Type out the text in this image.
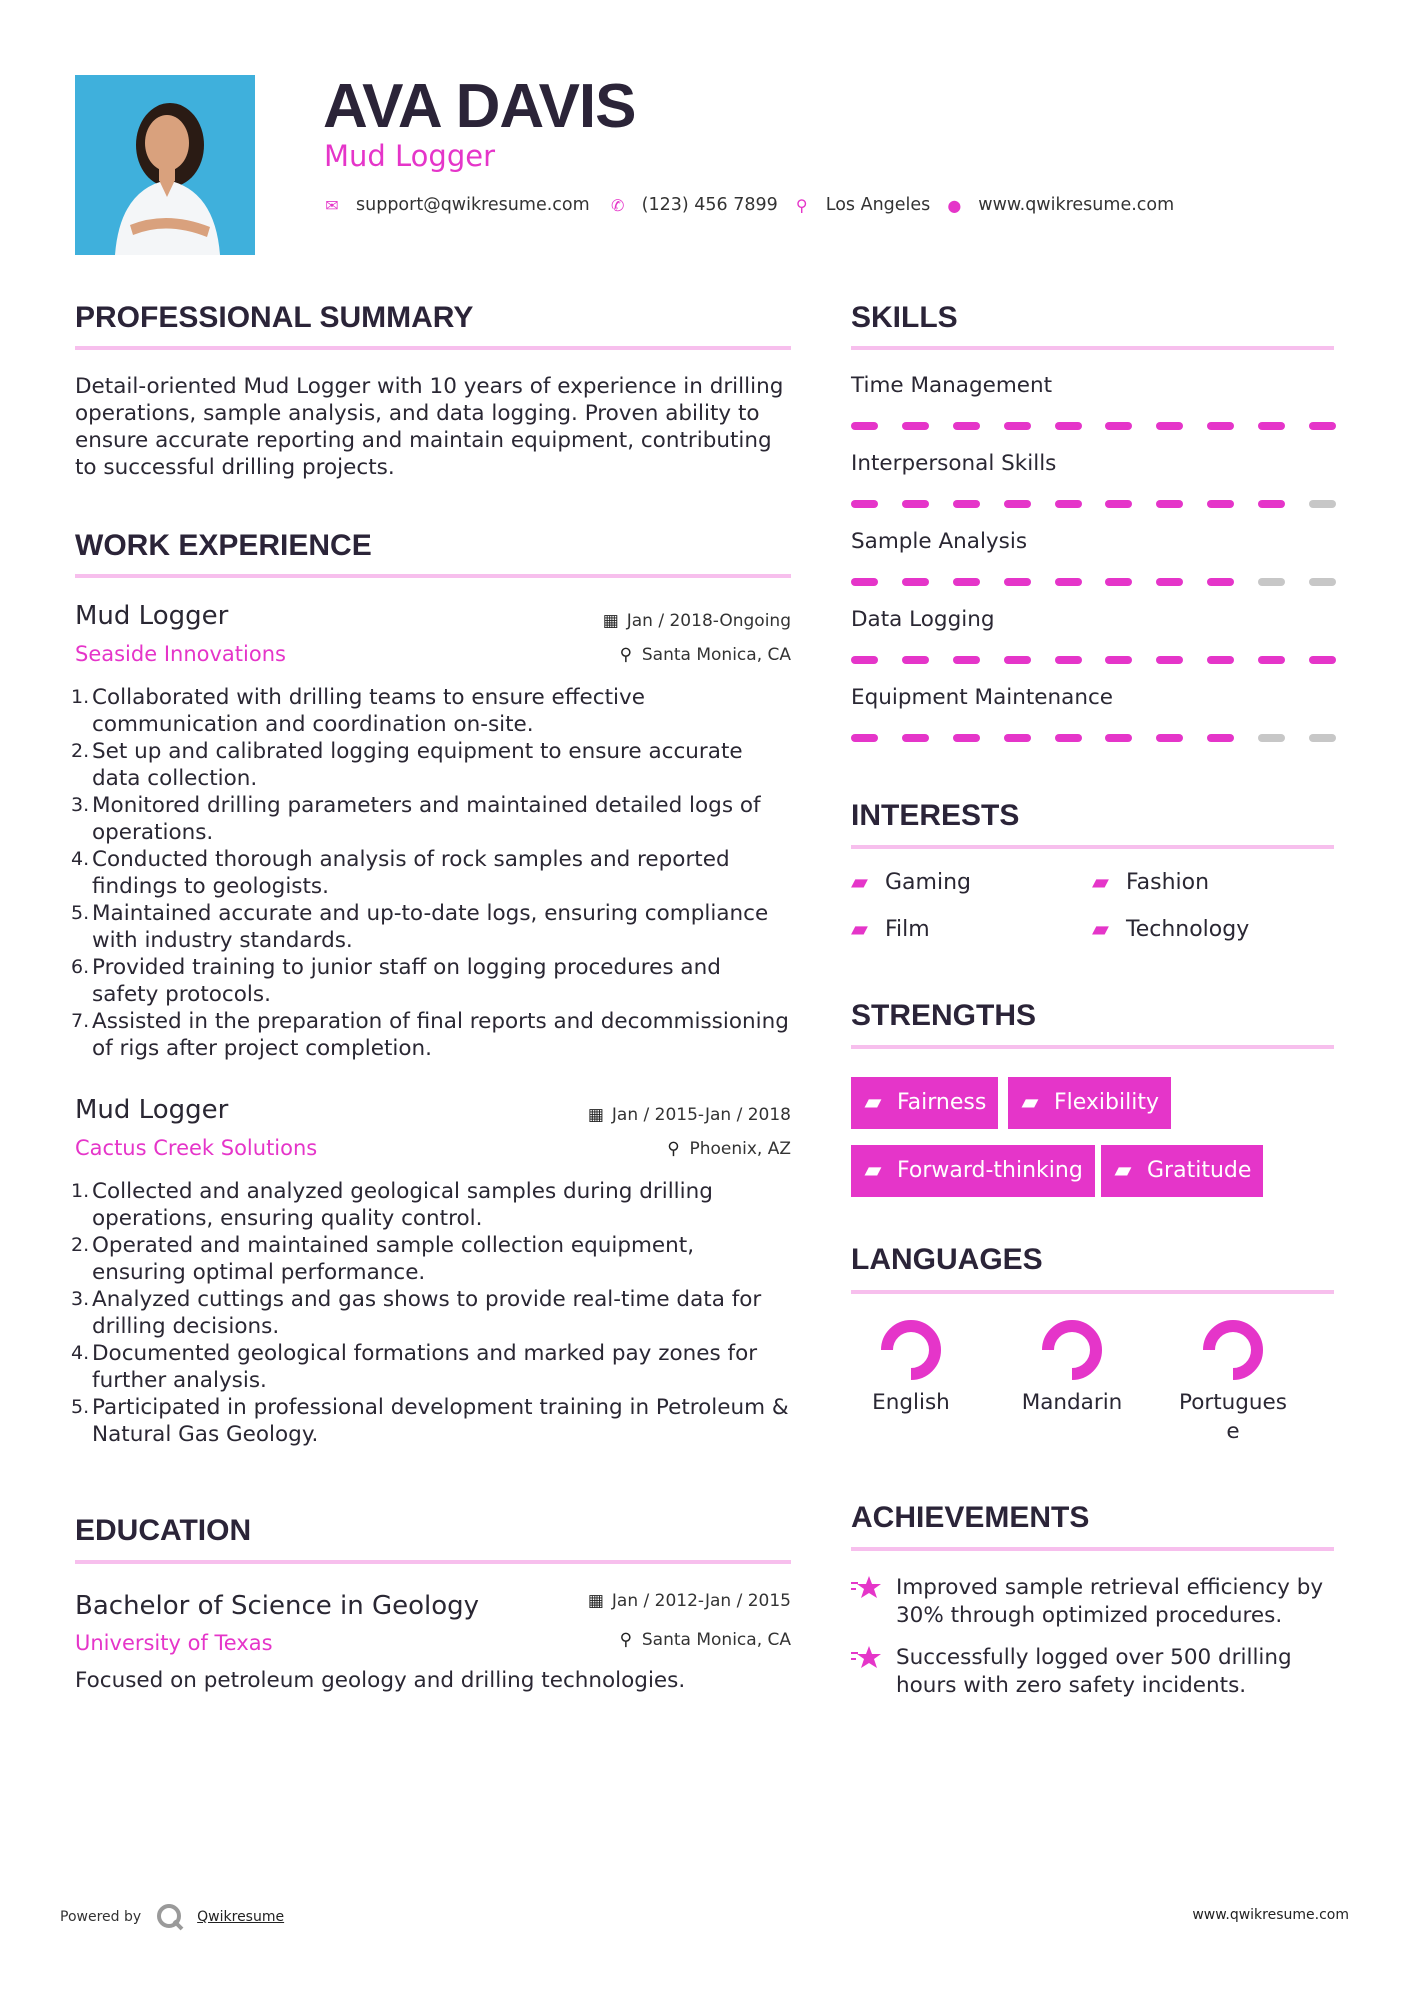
AVA DAVIS
Mud Logger
✉ support@qwikresume.com ✆ (123) 456 7899 ⚲ Los Angeles ● www.qwikresume.com
PROFESSIONAL SUMMARY
Detail-oriented Mud Logger with 10 years of experience in drilling operations, sample analysis, and data logging. Proven ability to ensure accurate reporting and maintain equipment, contributing to successful drilling projects.
WORK EXPERIENCE
Mud Logger
Seaside Innovations
▦ Jan / 2018-Ongoing
⚲ Santa Monica, CA
Collaborated with drilling teams to ensure effective communication and coordination on-site.
Set up and calibrated logging equipment to ensure accurate data collection.
Monitored drilling parameters and maintained detailed logs of operations.
Conducted thorough analysis of rock samples and reported findings to geologists.
Maintained accurate and up-to-date logs, ensuring compliance with industry standards.
Provided training to junior staff on logging procedures and safety protocols.
Assisted in the preparation of final reports and decommissioning of rigs after project completion.
Mud Logger
Cactus Creek Solutions
▦ Jan / 2015-Jan / 2018
⚲ Phoenix, AZ
Collected and analyzed geological samples during drilling operations, ensuring quality control.
Operated and maintained sample collection equipment, ensuring optimal performance.
Analyzed cuttings and gas shows to provide real-time data for drilling decisions.
Documented geological formations and marked pay zones for further analysis.
Participated in professional development training in Petroleum & Natural Gas Geology.
EDUCATION
Bachelor of Science in Geology
University of Texas
▦ Jan / 2012-Jan / 2015
⚲ Santa Monica, CA
Focused on petroleum geology and drilling technologies.
SKILLS
Time Management
Interpersonal Skills
Sample Analysis
Data Logging
Equipment Maintenance
INTERESTS
▰ Gaming	▰ Fashion
▰ Film	▰ Technology
STRENGTHS
▰ Fairness	▰ Flexibility
▰ Forward-thinking	▰ Gratitude
LANGUAGES
English	Mandarin	Portugues
e
ACHIEVEMENTS
Improved sample retrieval efficiency by 30% through optimized procedures.
Successfully logged over 500 drilling hours with zero safety incidents.
Powered by	Qwikresume	www.qwikresume.com
